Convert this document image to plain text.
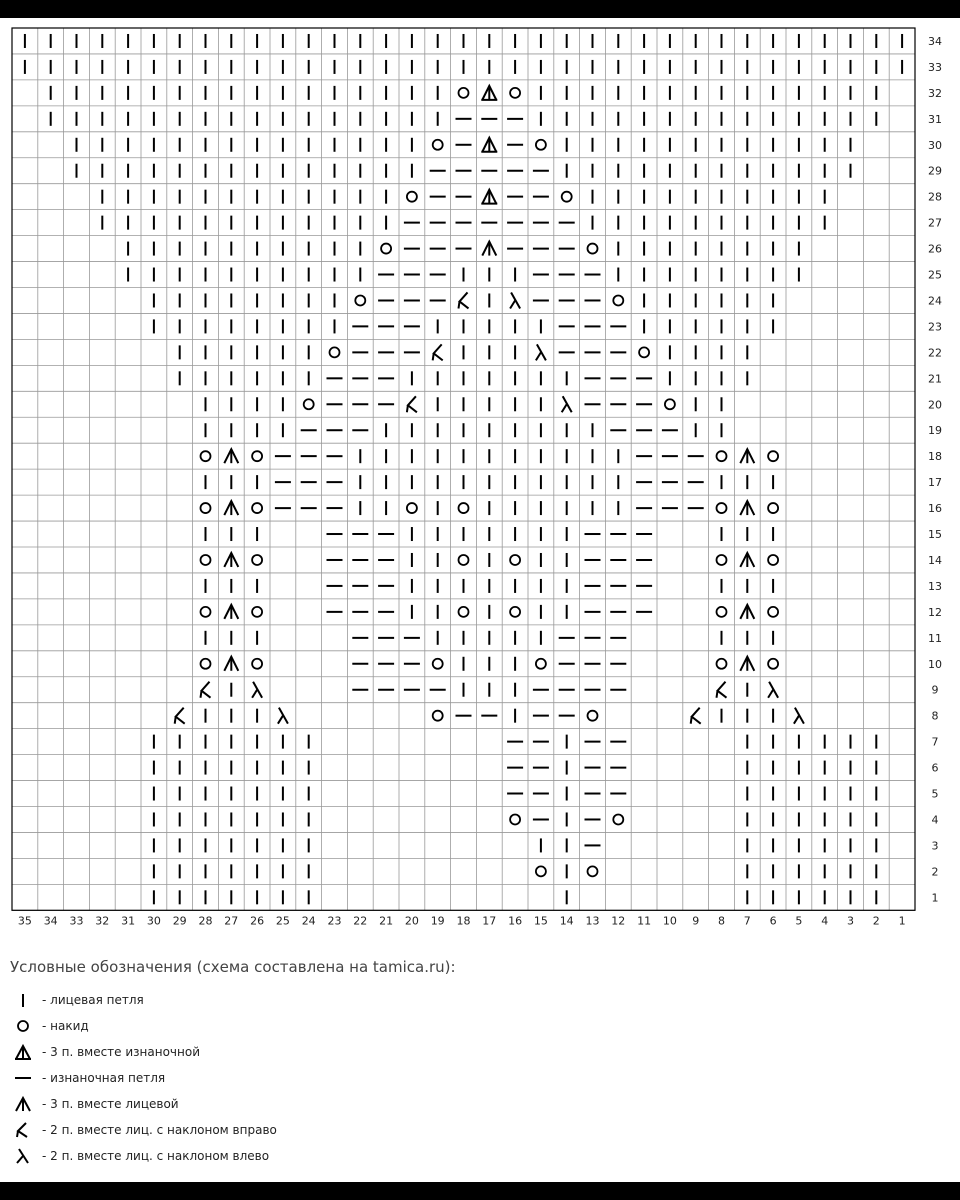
34
33
32
31
30
29
28
27
26
25
24
23
22
21
20
19
18
17
16
15
14
13
12
11
10
9
8
7
6
5
4
3
2
1
35 34 33 32 31 30 29 28 27 26 25 24 23 22 21 20 19 18 17 16 15 14 13 12 11 10 9 8 7 6 5 4 3 2 1
Условные обозначения (схема составлена на tamica.ru):
- лицевая петля
- накид
- 3 п. вместе изнаночной
- изнаночная петля
- 3 п. вместе лицевой
- 2 п. вместе лиц. с наклоном вправо
- 2 п. вместе лиц. с наклоном влево
